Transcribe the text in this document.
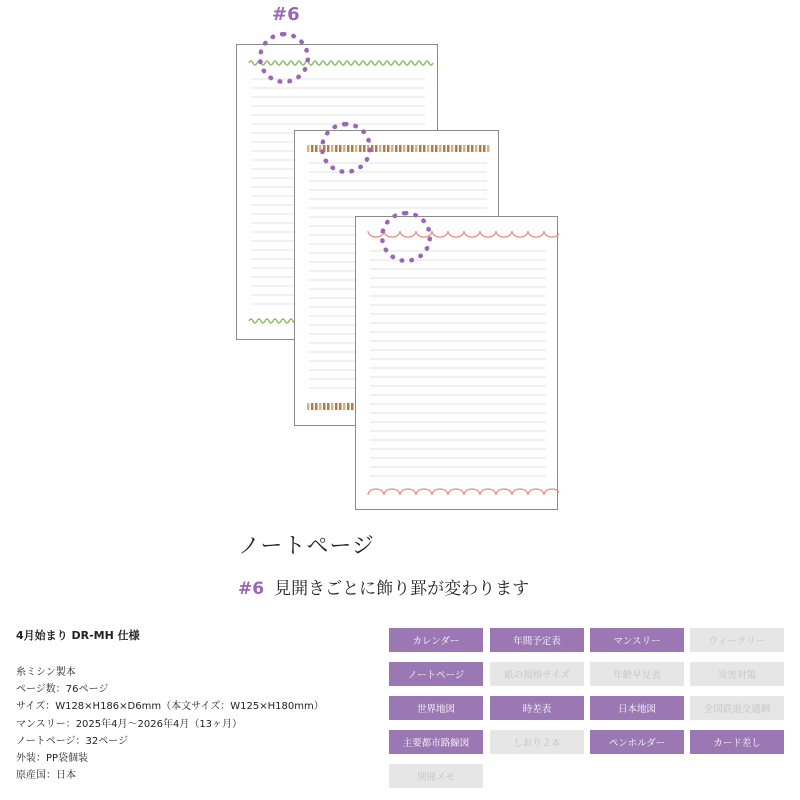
#6
ノートページ
#6 見開きごとに飾り罫が変わります
4月始まり DR-MH 仕様
糸ミシン製本
ページ数：76ページ
サイズ：W128×H186×D6mm（本文サイズ：W125×H180mm）
マンスリー：2025年4月〜2026年4月（13ヶ月）
ノートページ：32ページ
外装：PP袋個装
原産国：日本
カレンダー	年間予定表	マンスリー	ウィークリー
ノートページ	紙の規格サイズ	年齢早見表	災害対策
世界地図	時差表	日本地図	全国鉄道交通網
主要都市路線図	しおり２本	ペンホルダー	カード差し
別冊メモ
